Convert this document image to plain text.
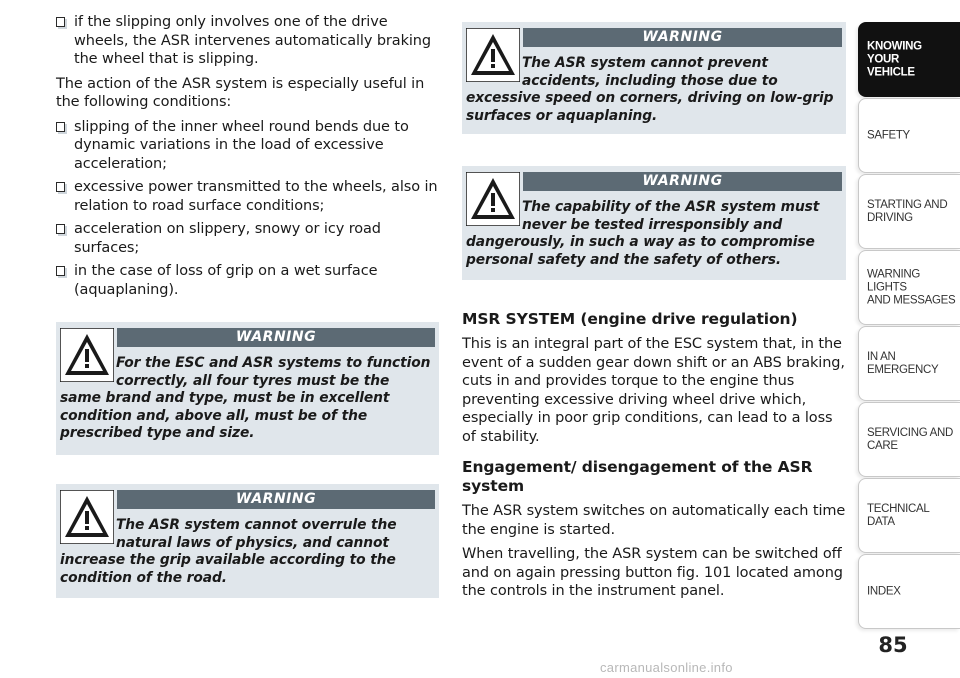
if the slipping only involves one of the drive
wheels, the ASR intervenes automatically braking
the wheel that is slipping.

The action of the ASR system is especially useful in
the following conditions:

slipping of the inner wheel round bends due to
dynamic variations in the load of excessive
acceleration;

excessive power transmitted to the wheels, also in
relation to road surface conditions;

acceleration on slippery, snowy or icy road
surfaces;

in the case of loss of grip on a wet surface
(aquaplaning).

WARNING
For the ESC and ASR systems to function
correctly, all four tyres must be the
same brand and type, must be in excellent
condition and, above all, must be of the
prescribed type and size.
WARNING
The ASR system cannot overrule the
natural laws of physics, and cannot
increase the grip available according to the
condition of the road.
WARNING
The ASR system cannot prevent
accidents, including those due to
excessive speed on corners, driving on low-grip
surfaces or aquaplaning.
WARNING
The capability of the ASR system must
never be tested irresponsibly and
dangerously, in such a way as to compromise
personal safety and the safety of others.

MSR SYSTEM (engine drive regulation)

This is an integral part of the ESC system that, in the
event of a sudden gear down shift or an ABS braking,
cuts in and provides torque to the engine thus
preventing excessive driving wheel drive which,
especially in poor grip conditions, can lead to a loss
of stability.

Engagement/ disengagement of the ASR
system

The ASR system switches on automatically each time
the engine is started.

When travelling, the ASR system can be switched off
and on again pressing button fig. 101 located among
the controls in the instrument panel.

KNOWING YOUR
VEHICLE
SAFETY
STARTING AND
DRIVING
WARNING LIGHTS
AND MESSAGES
IN AN EMERGENCY
SERVICING AND
CARE
TECHNICAL DATA
INDEX
85
carmanualsonline.info
